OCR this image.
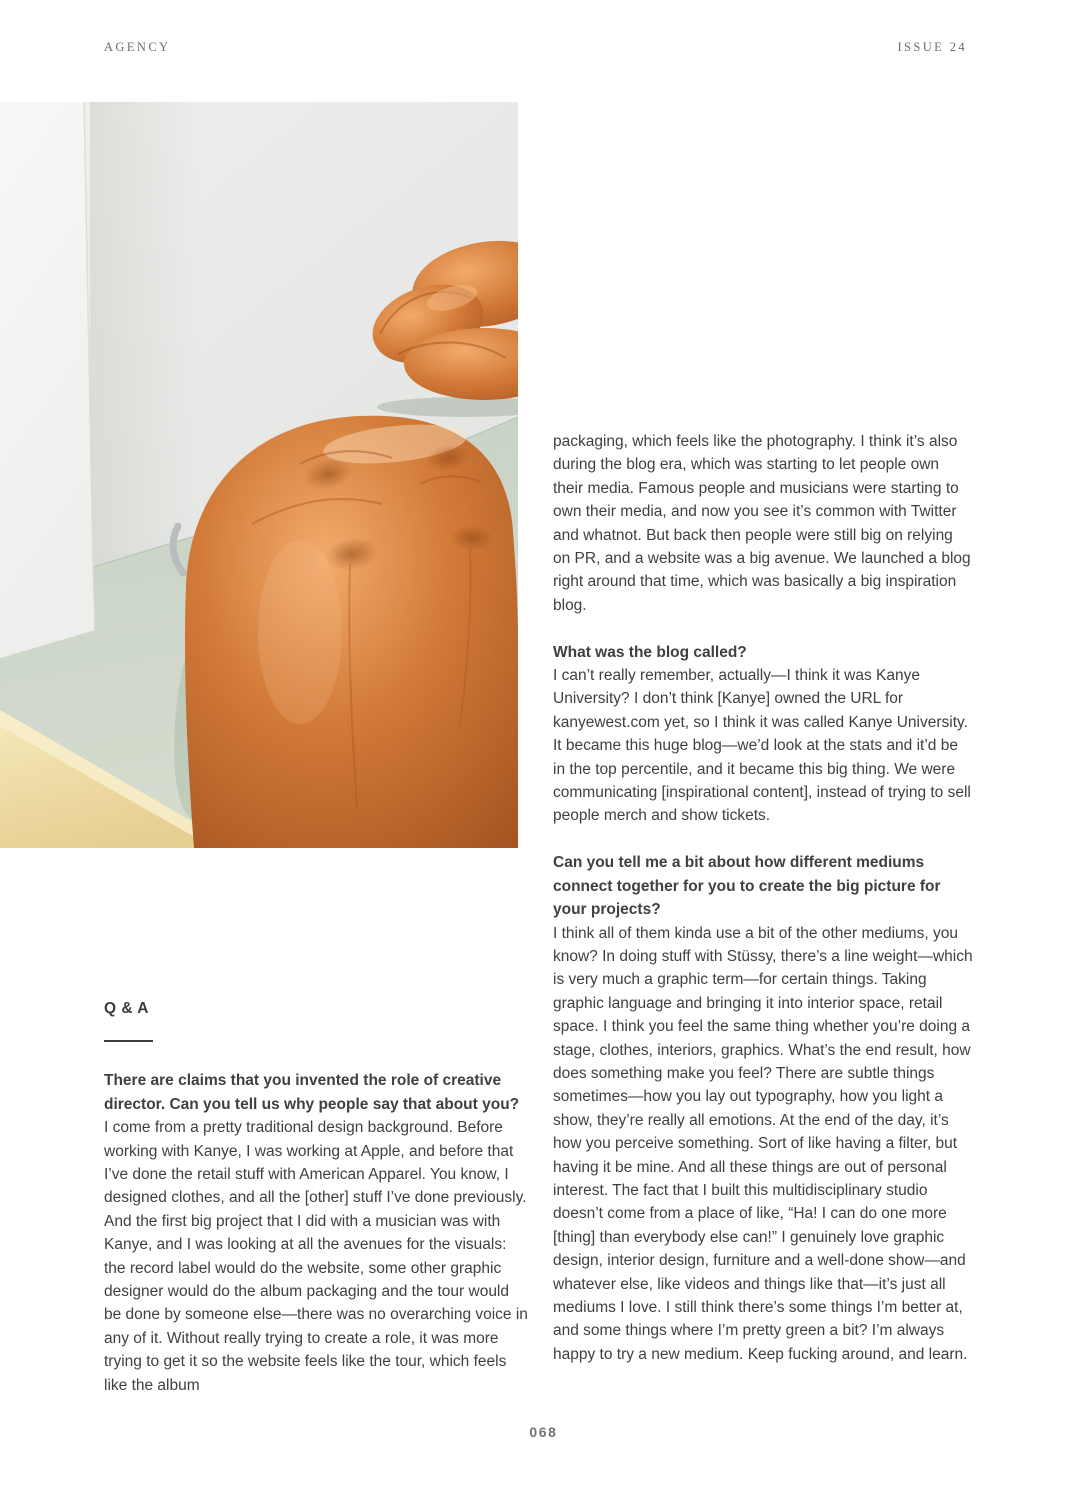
AGENCY	ISSUE 24
Q & A

There are claims that you invented the role of creative director. Can you tell us why people say that about you?

I come from a pretty traditional design background. Before working with Kanye, I was working at Apple, and before that I’ve done the retail stuff with American Apparel. You know, I designed clothes, and all the [other] stuff I’ve done previously. And the first big project that I did with a musician was with Kanye, and I was looking at all the avenues for the visuals: the record label would do the website, some other graphic designer would do the album packaging and the tour would be done by someone else—there was no overarching voice in any of it. Without really trying to create a role, it was more trying to get it so the website feels like the tour, which feels like the album

packaging, which feels like the photography. I think it’s also during the blog era, which was starting to let people own their media. Famous people and musicians were starting to own their media, and now you see it’s common with Twitter and whatnot. But back then people were still big on relying on PR, and a website was a big avenue. We launched a blog right around that time, which was basically a big inspiration blog.

What was the blog called?

I can’t really remember, actually—I think it was Kanye University? I don’t think [Kanye] owned the URL for kanyewest.com yet, so I think it was called Kanye University. It became this huge blog—we’d look at the stats and it’d be in the top percentile, and it became this big thing. We were communicating [inspirational content], instead of trying to sell people merch and show tickets.

Can you tell me a bit about how different mediums connect together for you to create the big picture for your projects?

I think all of them kinda use a bit of the other mediums, you know? In doing stuff with Stüssy, there’s a line weight—which is very much a graphic term—for certain things. Taking graphic language and bringing it into interior space, retail space. I think you feel the same thing whether you’re doing a stage, clothes, interiors, graphics. What’s the end result, how does something make you feel? There are subtle things sometimes—how you lay out typography, how you light a show, they’re really all emotions. At the end of the day, it’s how you perceive something. Sort of like having a filter, but having it be mine. And all these things are out of personal interest. The fact that I built this multidisciplinary studio doesn’t come from a place of like, “Ha! I can do one more [thing] than everybody else can!” I genuinely love graphic design, interior design, furniture and a well-done show—and whatever else, like videos and things like that—it’s just all mediums I love. I still think there’s some things I’m better at, and some things where I’m pretty green a bit? I’m always happy to try a new medium. Keep fucking around, and learn.

068
